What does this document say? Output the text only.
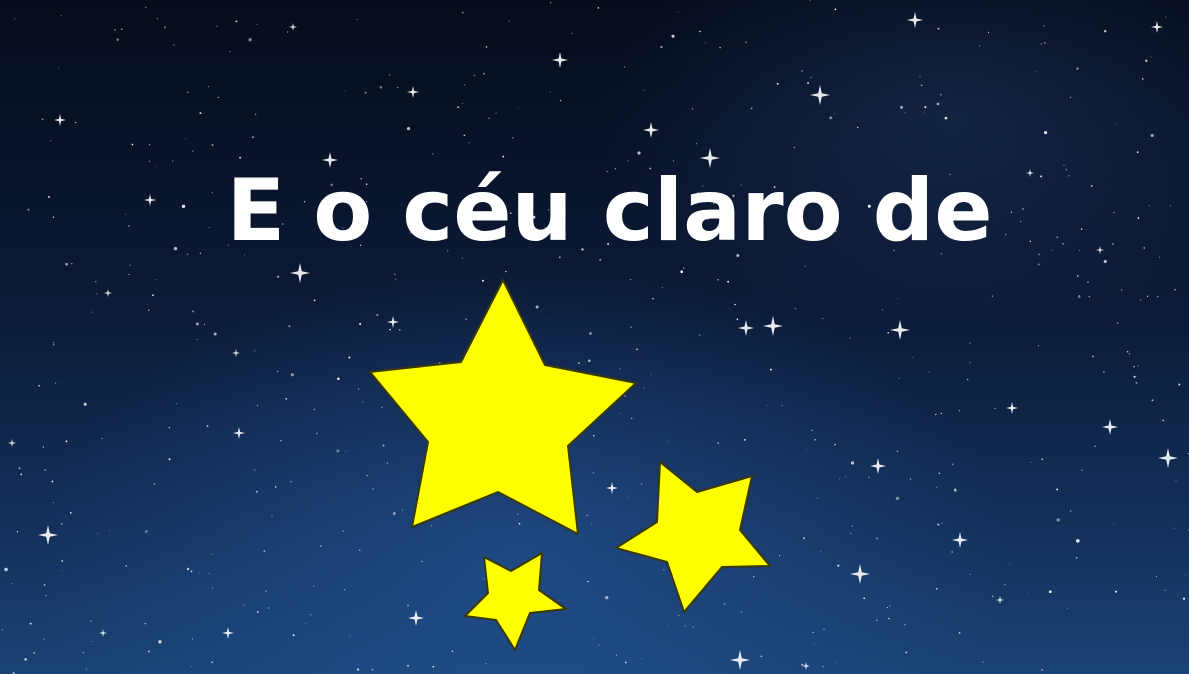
E o céu claro de
